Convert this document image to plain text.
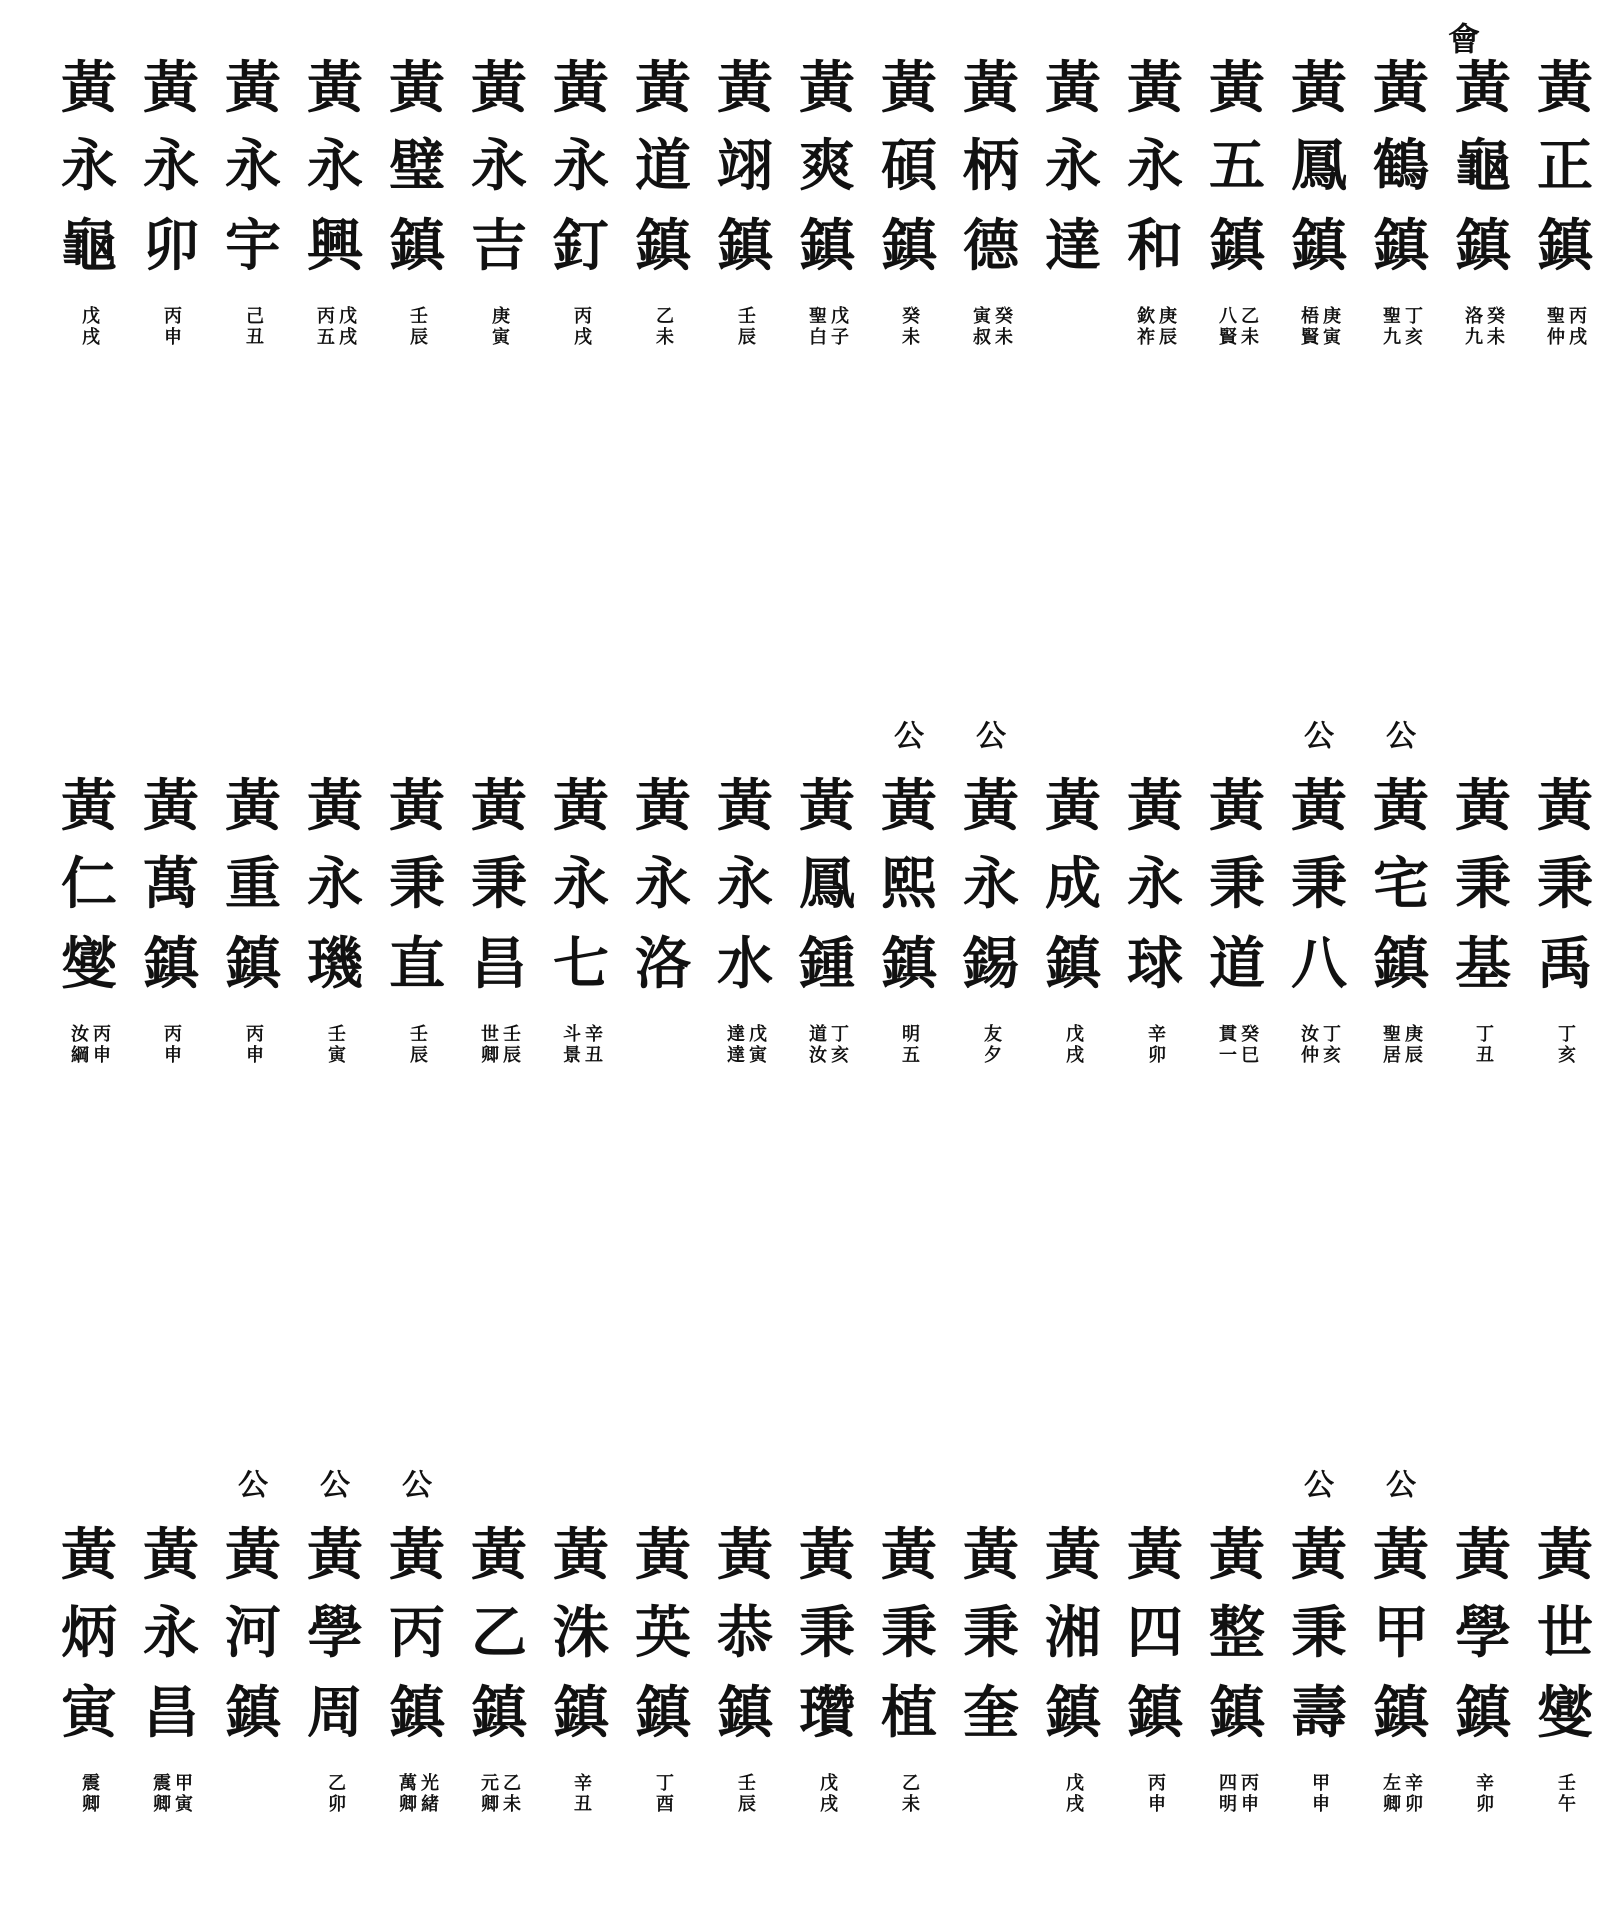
會
黃
正
鎮
丙戌
聖仲
黃
龜
鎮
癸未
洛九
黃
鶴
鎮
丁亥
聖九
黃
鳳
鎮
庚寅
梧賢
黃
五
鎮
乙未
八賢
黃
永
和
庚辰
欽祚
黃
永
達
黃
柄
德
癸未
寅叔
黃
碩
鎮
癸未
黃
爽
鎮
戊子
聖白
黃
翊
鎮
壬辰
黃
道
鎮
乙未
黃
永
釘
丙戌
黃
永
吉
庚寅
黃
璧
鎮
壬辰
黃
永
興
戊戌
丙五
黃
永
宇
己丑
黃
永
卯
丙申
黃
永
龜
戊戌
黃
秉
禹
丁亥
黃
秉
基
丁丑
公
黃
宅
鎮
庚辰
聖居
公
黃
秉
八
丁亥
汝仲
黃
秉
道
癸巳
貫一
黃
永
球
辛卯
黃
成
鎮
戊戌
公
黃
永
錫
友夕
公
黃
熙
鎮
明五
黃
鳳
鍾
丁亥
道汝
黃
永
水
戊寅
達達
黃
永
洛
黃
永
七
辛丑
斗景
黃
秉
昌
壬辰
世卿
黃
秉
直
壬辰
黃
永
璣
壬寅
黃
重
鎮
丙申
黃
萬
鎮
丙申
黃
仁
燮
丙申
汝綱
黃
世
燮
壬午
黃
學
鎮
辛卯
公
黃
甲
鎮
辛卯
左卿
公
黃
秉
壽
甲申
黃
整
鎮
丙申
四明
黃
四
鎮
丙申
黃
湘
鎮
戊戌
黃
秉
奎
黃
秉
植
乙未
黃
秉
瓚
戊戌
黃
恭
鎮
壬辰
黃
英
鎮
丁酉
黃
洙
鎮
辛丑
黃
乙
鎮
乙未
元卿
公
黃
丙
鎮
光緒
萬卿
公
黃
學
周
乙卯
公
黃
河
鎮
黃
永
昌
甲寅
震卿
黃
炳
寅
震卿
